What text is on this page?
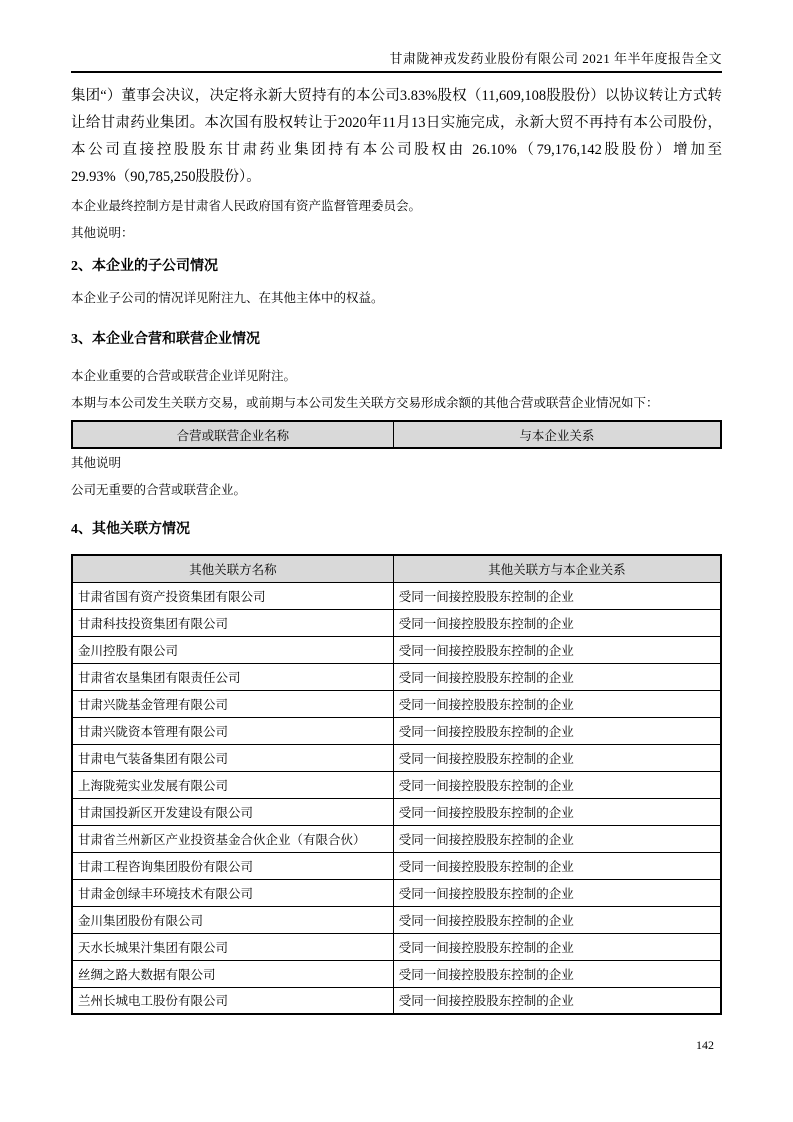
甘肃陇神戎发药业股份有限公司 2021 年半年度报告全文

集团“）董事会决议，决定将永新大贸持有的本公司3.83%股权（11,609,108股股份）以协议转让方式转让给甘肃药业集团。本次国有股权转让于2020年11月13日实施完成，永新大贸不再持有本公司股份，本公司直接控股股东甘肃药业集团持有本公司股权由 26.10%（79,176,142股股份）增加至 29.93%（90,785,250股股份）。

本企业最终控制方是甘肃省人民政府国有资产监督管理委员会。

其他说明：

2、本企业的子公司情况

本企业子公司的情况详见附注九、在其他主体中的权益。

3、本企业合营和联营企业情况

本企业重要的合营或联营企业详见附注。

本期与本公司发生关联方交易，或前期与本公司发生关联方交易形成余额的其他合营或联营企业情况如下：

合营或联营企业名称	与本企业关系

其他说明

公司无重要的合营或联营企业。

4、其他关联方情况
其他关联方名称	其他关联方与本企业关系
甘肃省国有资产投资集团有限公司	受同一间接控股股东控制的企业
甘肃科技投资集团有限公司	受同一间接控股股东控制的企业
金川控股有限公司	受同一间接控股股东控制的企业
甘肃省农垦集团有限责任公司	受同一间接控股股东控制的企业
甘肃兴陇基金管理有限公司	受同一间接控股股东控制的企业
甘肃兴陇资本管理有限公司	受同一间接控股股东控制的企业
甘肃电气装备集团有限公司	受同一间接控股股东控制的企业
上海陇菀实业发展有限公司	受同一间接控股股东控制的企业
甘肃国投新区开发建设有限公司	受同一间接控股股东控制的企业
甘肃省兰州新区产业投资基金合伙企业（有限合伙）	受同一间接控股股东控制的企业
甘肃工程咨询集团股份有限公司	受同一间接控股股东控制的企业
甘肃金创绿丰环境技术有限公司	受同一间接控股股东控制的企业
金川集团股份有限公司	受同一间接控股股东控制的企业
天水长城果汁集团有限公司	受同一间接控股股东控制的企业
丝绸之路大数据有限公司	受同一间接控股股东控制的企业
兰州长城电工股份有限公司	受同一间接控股股东控制的企业
142
